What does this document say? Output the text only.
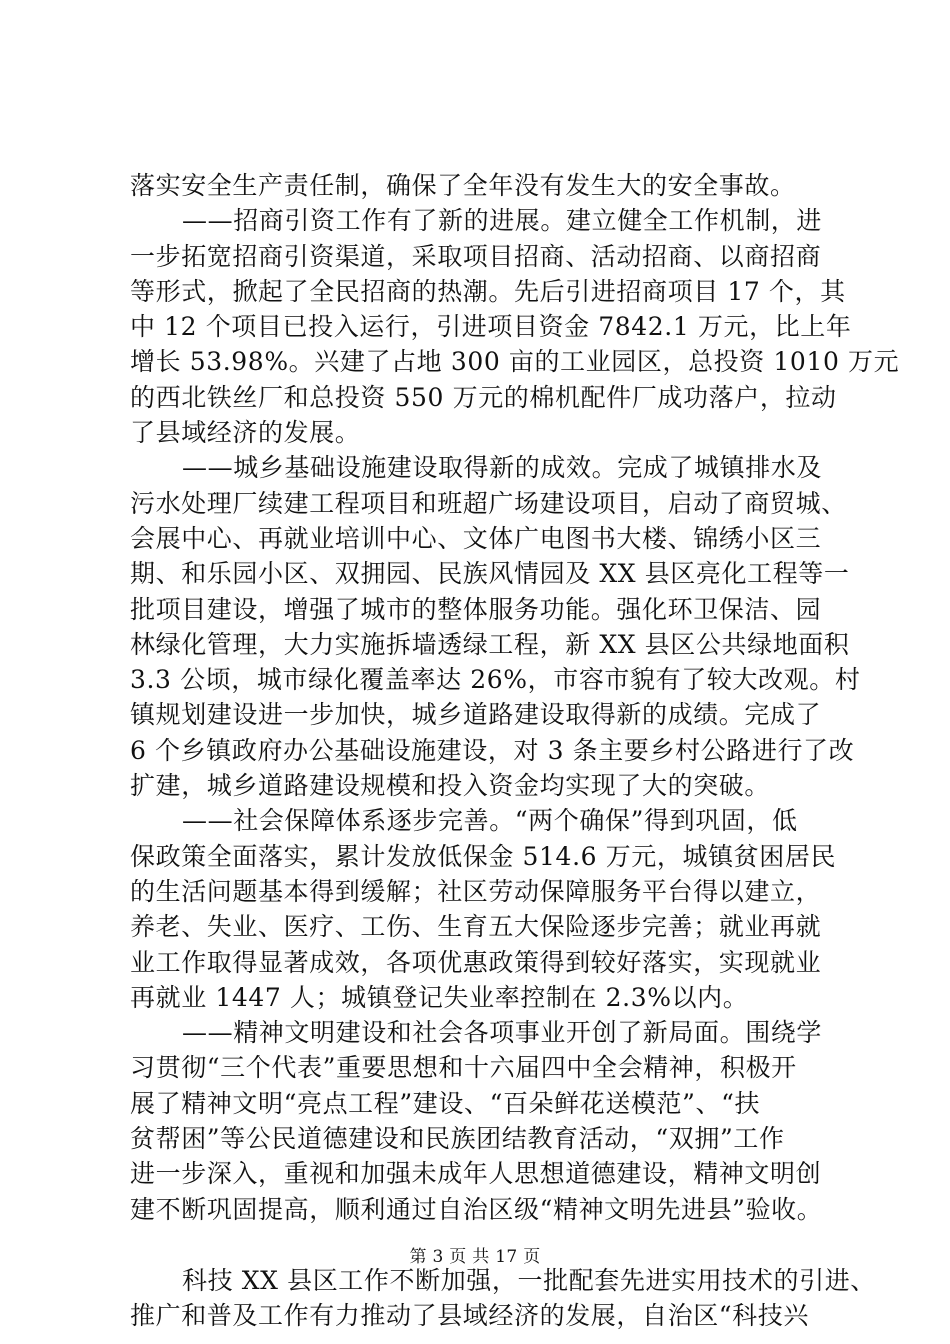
落实安全生产责任制，确保了全年没有发生大的安全事故。
——招商引资工作有了新的进展。建立健全工作机制，进
一步拓宽招商引资渠道，采取项目招商、活动招商、以商招商
等形式，掀起了全民招商的热潮。先后引进招商项目 17 个，其
中 12 个项目已投入运行，引进项目资金 7842.1 万元，比上年
增长 53.98%。兴建了占地 300 亩的工业园区，总投资 1010 万元
的西北铁丝厂和总投资 550 万元的棉机配件厂成功落户，拉动
了县域经济的发展。
——城乡基础设施建设取得新的成效。完成了城镇排水及
污水处理厂续建工程项目和班超广场建设项目，启动了商贸城、
会展中心、再就业培训中心、文体广电图书大楼、锦绣小区三
期、和乐园小区、双拥园、民族风情园及 XX 县区亮化工程等一
批项目建设，增强了城市的整体服务功能。强化环卫保洁、园
林绿化管理，大力实施拆墙透绿工程，新 XX 县区公共绿地面积
3.3 公顷，城市绿化覆盖率达 26%，市容市貌有了较大改观。村
镇规划建设进一步加快，城乡道路建设取得新的成绩。完成了
6 个乡镇政府办公基础设施建设，对 3 条主要乡村公路进行了改
扩建，城乡道路建设规模和投入资金均实现了大的突破。
——社会保障体系逐步完善。“两个确保”得到巩固，低
保政策全面落实，累计发放低保金 514.6 万元，城镇贫困居民
的生活问题基本得到缓解；社区劳动保障服务平台得以建立，
养老、失业、医疗、工伤、生育五大保险逐步完善；就业再就
业工作取得显著成效，各项优惠政策得到较好落实，实现就业
再就业 1447 人；城镇登记失业率控制在 2.3%以内。
——精神文明建设和社会各项事业开创了新局面。围绕学
习贯彻“三个代表”重要思想和十六届四中全会精神，积极开
展了精神文明“亮点工程”建设、“百朵鲜花送模范”、“扶
贫帮困”等公民道德建设和民族团结教育活动，“双拥”工作
进一步深入，重视和加强未成年人思想道德建设，精神文明创
建不断巩固提高，顺利通过自治区级“精神文明先进县”验收。
科技 XX 县区工作不断加强，一批配套先进实用技术的引进、
推广和普及工作有力推动了县域经济的发展，自治区“科技兴
第 3 页 共 17 页
